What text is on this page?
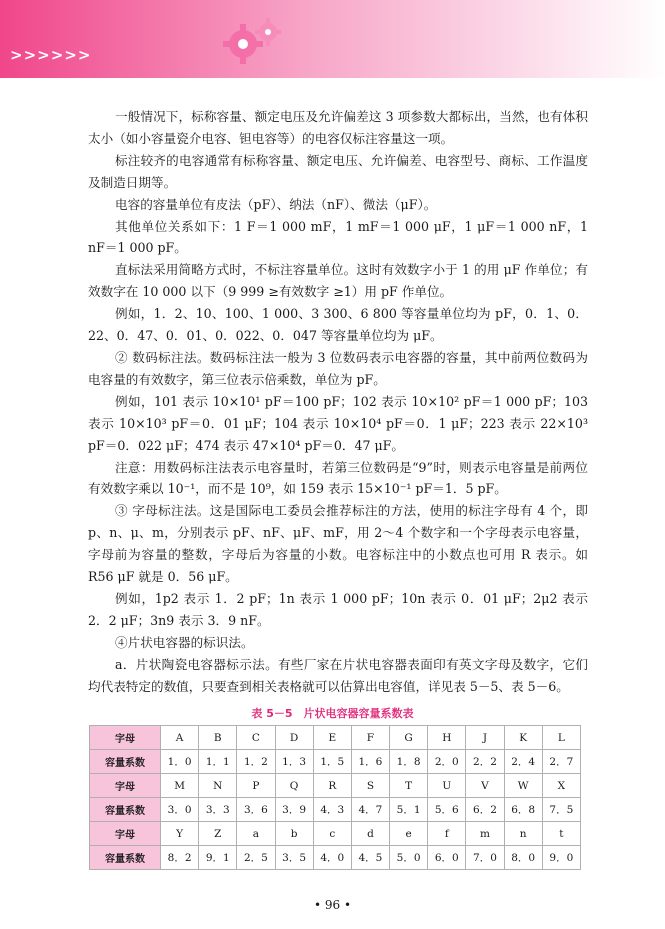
>>>>>>

一般情况下，标称容量、额定电压及允许偏差这 3 项参数大都标出，当然，也有体积太小（如小容量瓷介电容、钽电容等）的电容仅标注容量这一项。

标注较齐的电容通常有标称容量、额定电压、允许偏差、电容型号、商标、工作温度及制造日期等。

电容的容量单位有皮法（pF）、纳法（nF）、微法（μF）。

其他单位关系如下：1 F＝1 000 mF，1 mF＝1 000 μF，1 μF＝1 000 nF，1 nF＝1 000 pF。

直标法采用简略方式时，不标注容量单位。这时有效数字小于 1 的用 μF 作单位；有效数字在 10 000 以下（9 999 ≥有效数字 ≥1）用 pF 作单位。

例如，1．2、10、100、1 000、3 300、6 800 等容量单位均为 pF，0．1、0．22、0．47、0．01、0．022、0．047 等容量单位均为 μF。

② 数码标注法。数码标注法一般为 3 位数码表示电容器的容量，其中前两位数码为电容量的有效数字，第三位表示倍乘数，单位为 pF。

例如，101 表示 10×10¹ pF＝100 pF；102 表示 10×10² pF＝1 000 pF；103 表示 10×10³ pF＝0．01 μF；104 表示 10×10⁴ pF＝0．1 μF；223 表示 22×10³ pF＝0．022 μF；474 表示 47×10⁴ pF＝0．47 μF。

注意：用数码标注法表示电容量时，若第三位数码是“9”时，则表示电容量是前两位有效数字乘以 10⁻¹，而不是 10⁹，如 159 表示 15×10⁻¹ pF＝1．5 pF。

③ 字母标注法。这是国际电工委员会推荐标注的方法，使用的标注字母有 4 个，即 p、n、μ、m，分别表示 pF、nF、μF、mF，用 2～4 个数字和一个字母表示电容量，字母前为容量的整数，字母后为容量的小数。电容标注中的小数点也可用 R 表示。如 R56 μF 就是 0．56 μF。

例如，1p2 表示 1．2 pF；1n 表示 1 000 pF；10n 表示 0．01 μF；2μ2 表示 2．2 μF；3n9 表示 3．9 nF。

④片状电容器的标识法。

a．片状陶瓷电容器标示法。有些厂家在片状电容器表面印有英文字母及数字，它们均代表特定的数值，只要查到相关表格就可以估算出电容值，详见表 5－5、表 5－6。

表 5－5　片状电容器容量系数表
字母	A	B	C	D	E	F	G	H	J	K	L
容量系数	1．0	1．1	1．2	1．3	1．5	1．6	1．8	2．0	2．2	2．4	2．7
字母	M	N	P	Q	R	S	T	U	V	W	X
容量系数	3．0	3．3	3．6	3．9	4．3	4．7	5．1	5．6	6．2	6．8	7．5
字母	Y	Z	a	b	c	d	e	f	m	n	t
容量系数	8．2	9．1	2．5	3．5	4．0	4．5	5．0	6．0	7．0	8．0	9．0
• 96 •
